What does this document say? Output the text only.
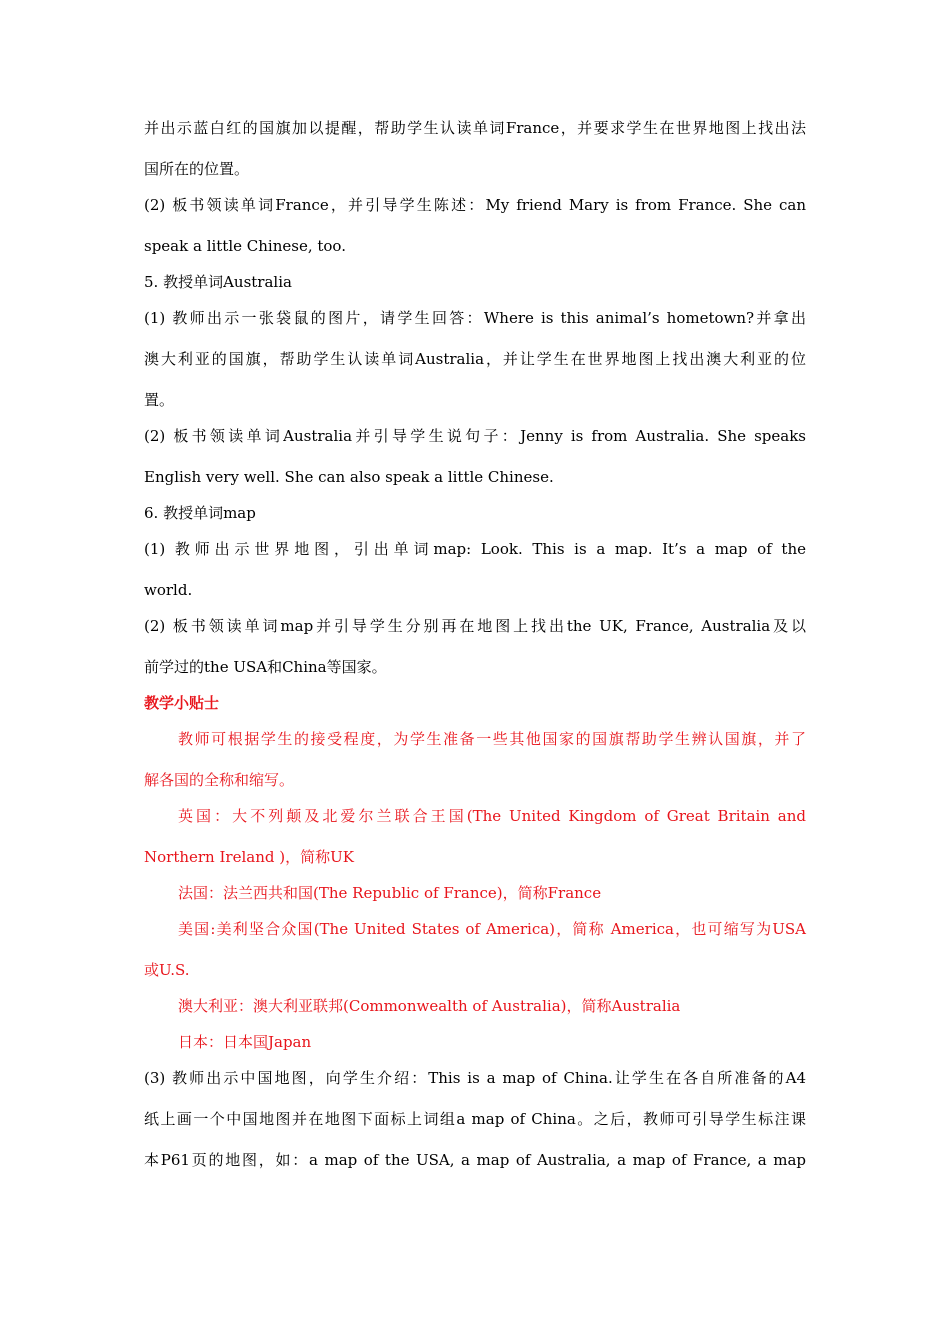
并出示蓝白红的国旗加以提醒，帮助学生认读单词France，并要求学生在世界地图上找出法
国所在的位置。
(2) 板书领读单词France，并引导学生陈述：My friend Mary is from France. She can
speak a little Chinese, too.
5. 教授单词Australia
(1) 教师出示一张袋鼠的图片，请学生回答：Where is this animal’s hometown?并拿出
澳大利亚的国旗，帮助学生认读单词Australia，并让学生在世界地图上找出澳大利亚的位
置。
(2) 板书领读单词Australia并引导学生说句子：Jenny is from Australia. She speaks
English very well. She can also speak a little Chinese.
6. 教授单词map
(1) 教师出示世界地图，引出单词map: Look. This is a map. It’s a map of the
world.
(2) 板书领读单词map并引导学生分别再在地图上找出the UK, France, Australia及以
前学过的the USA和China等国家。
教学小贴士
教师可根据学生的接受程度，为学生准备一些其他国家的国旗帮助学生辨认国旗，并了
解各国的全称和缩写。
英国：大不列颠及北爱尔兰联合王国(The United Kingdom of Great Britain and
Northern Ireland )，简称UK
法国：法兰西共和国(The Republic of France)，简称France
美国:美利坚合众国(The United States of America)，简称 America，也可缩写为USA
或U.S.
澳大利亚：澳大利亚联邦(Commonwealth of Australia)，简称Australia
日本：日本国Japan
(3) 教师出示中国地图，向学生介绍：This is a map of China.让学生在各自所准备的A4
纸上画一个中国地图并在地图下面标上词组a map of China。之后，教师可引导学生标注课
本P61页的地图，如：a map of the USA, a map of Australia, a map of France, a map
